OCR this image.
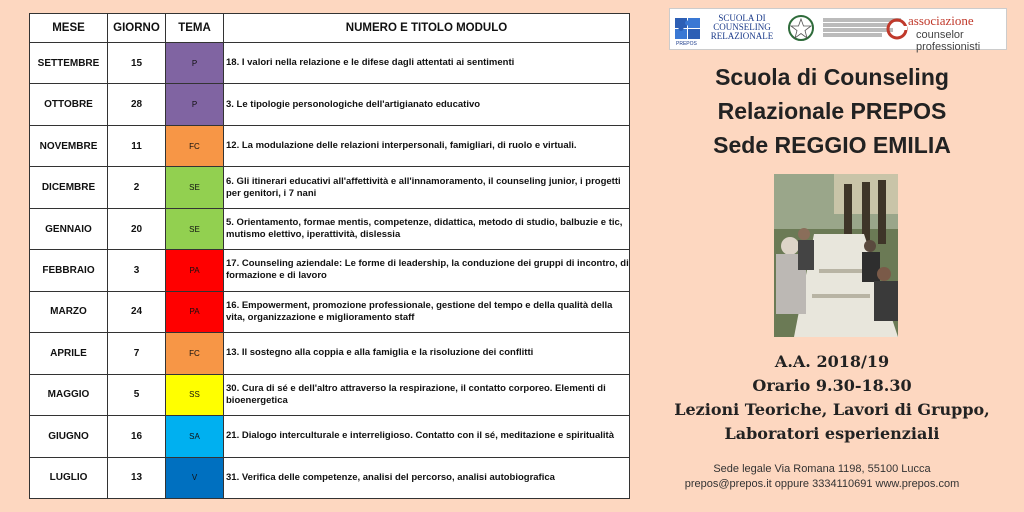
MESE	GIORNO	TEMA	NUMERO E TITOLO MODULO
SETTEMBRE	15	P	18. I valori nella relazione e le difese dagli attentati ai sentimenti
OTTOBRE	28	P	3. Le tipologie personologiche dell'artigianato educativo
NOVEMBRE	11	FC	12. La modulazione delle relazioni interpersonali, famigliari, di ruolo e virtuali.
DICEMBRE	2	SE	6. Gli itinerari educativi all'affettività e all'innamoramento, il counseling junior, i progetti per genitori, i 7 nani
GENNAIO	20	SE	5. Orientamento, formae mentis, competenze, didattica, metodo di studio, balbuzie e tic, mutismo elettivo, iperattività, dislessia
FEBBRAIO	3	PA	17. Counseling aziendale: Le forme di leadership, la conduzione dei gruppi di incontro, di formazione e di lavoro
MARZO	24	PA	16. Empowerment, promozione professionale, gestione del tempo e della qualità della vita, organizzazione e miglioramento staff
APRILE	7	FC	13. Il sostegno alla coppia e alla famiglia e la risoluzione dei conflitti
MAGGIO	5	SS	30. Cura di sé e dell'altro attraverso la respirazione, il contatto corporeo. Elementi di bioenergetica
GIUGNO	16	SA	21. Dialogo interculturale e interreligioso. Contatto con il sé, meditazione e spiritualità
LUGLIO	13	V	31. Verifica delle competenze, analisi del percorso, analisi autobiografica
SCUOLA DI
COUNSELING
RELAZIONALE
PREPOS
associazione
counselor professionisti
Scuola di Counseling
Relazionale PREPOS
Sede REGGIO EMILIA
A.A. 2018/19
Orario 9.30-18.30
Lezioni Teoriche, Lavori di Gruppo,
Laboratori esperienziali
Sede legale Via Romana 1198, 55100 Lucca
prepos@prepos.it oppure 3334110691 www.prepos.com
